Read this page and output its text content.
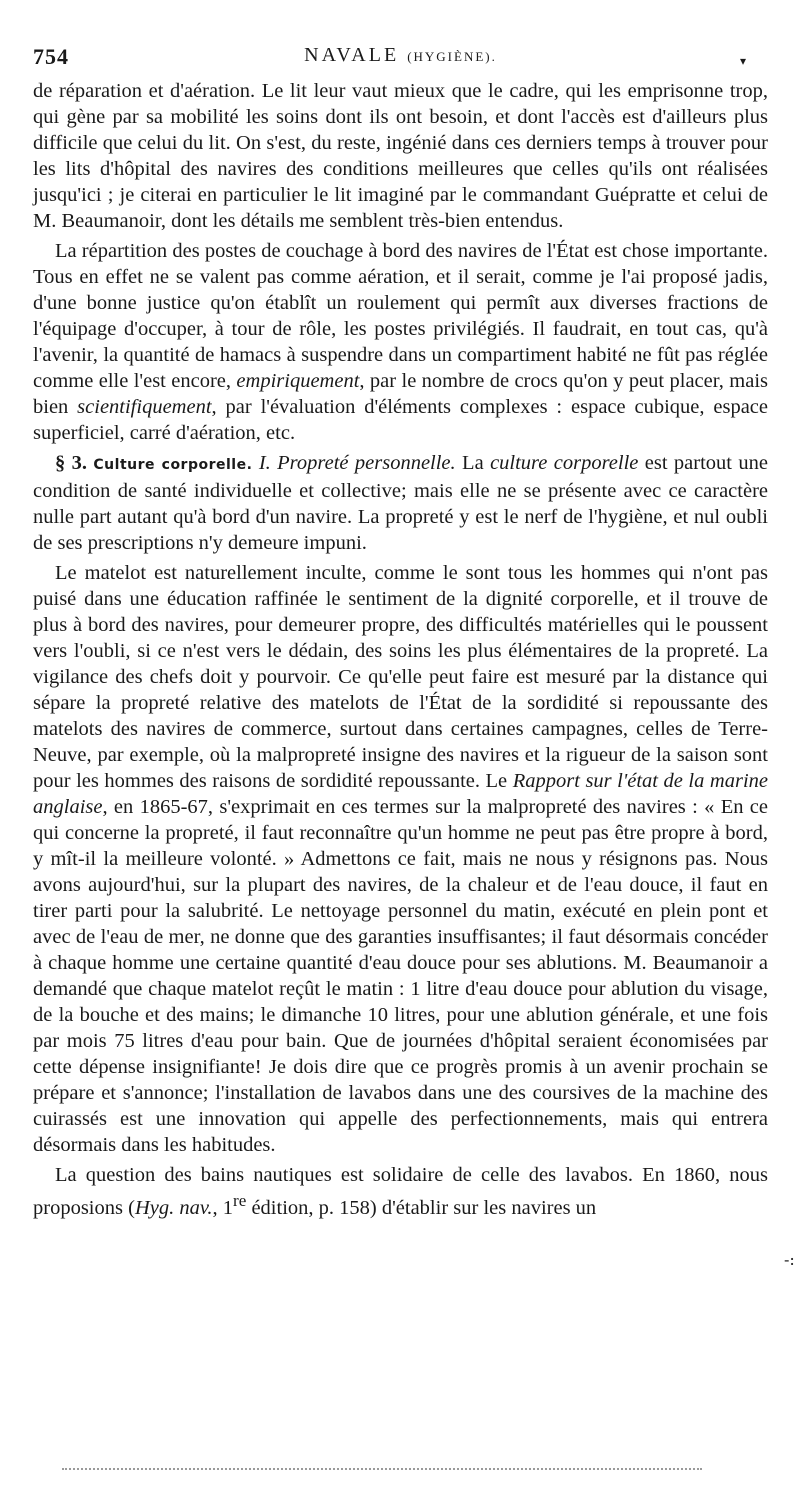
754	NAVALE (HYGIÈNE).	▾

de réparation et d'aération. Le lit leur vaut mieux que le cadre, qui les emprisonne trop, qui gène par sa mobilité les soins dont ils ont besoin, et dont l'accès est d'ailleurs plus difficile que celui du lit. On s'est, du reste, ingénié dans ces derniers temps à trouver pour les lits d'hôpital des navires des conditions meilleures que celles qu'ils ont réalisées jusqu'ici ; je citerai en particulier le lit imaginé par le commandant Guépratte et celui de M. Beaumanoir, dont les détails me semblent très-bien entendus.

La répartition des postes de couchage à bord des navires de l'État est chose importante. Tous en effet ne se valent pas comme aération, et il serait, comme je l'ai proposé jadis, d'une bonne justice qu'on établît un roulement qui permît aux diverses fractions de l'équipage d'occuper, à tour de rôle, les postes privilégiés. Il faudrait, en tout cas, qu'à l'avenir, la quantité de hamacs à suspendre dans un compartiment habité ne fût pas réglée comme elle l'est encore, empiriquement, par le nombre de crocs qu'on y peut placer, mais bien scientifiquement, par l'évaluation d'éléments complexes : espace cubique, espace superficiel, carré d'aération, etc.

§ 3. Culture corporelle. I. Propreté personnelle. La culture corporelle est partout une condition de santé individuelle et collective; mais elle ne se présente avec ce caractère nulle part autant qu'à bord d'un navire. La propreté y est le nerf de l'hygiène, et nul oubli de ses prescriptions n'y demeure impuni.

Le matelot est naturellement inculte, comme le sont tous les hommes qui n'ont pas puisé dans une éducation raffinée le sentiment de la dignité corporelle, et il trouve de plus à bord des navires, pour demeurer propre, des difficultés matérielles qui le poussent vers l'oubli, si ce n'est vers le dédain, des soins les plus élémentaires de la propreté. La vigilance des chefs doit y pourvoir. Ce qu'elle peut faire est mesuré par la distance qui sépare la propreté relative des matelots de l'État de la sordidité si repoussante des matelots des navires de commerce, surtout dans certaines campagnes, celles de Terre-Neuve, par exemple, où la malpropreté insigne des navires et la rigueur de la saison sont pour les hommes des raisons de sordidité repoussante. Le Rapport sur l'état de la marine anglaise, en 1865-67, s'exprimait en ces termes sur la malpropreté des navires : « En ce qui concerne la propreté, il faut reconnaître qu'un homme ne peut pas être propre à bord, y mît-il la meilleure volonté. » Admettons ce fait, mais ne nous y résignons pas. Nous avons aujourd'hui, sur la plupart des navires, de la chaleur et de l'eau douce, il faut en tirer parti pour la salubrité. Le nettoyage personnel du matin, exécuté en plein pont et avec de l'eau de mer, ne donne que des garanties insuffisantes; il faut désormais concéder à chaque homme une certaine quantité d'eau douce pour ses ablutions. M. Beaumanoir a demandé que chaque matelot reçût le matin : 1 litre d'eau douce pour ablution du visage, de la bouche et des mains; le dimanche 10 litres, pour une ablution générale, et une fois par mois 75 litres d'eau pour bain. Que de journées d'hôpital seraient économisées par cette dépense insignifiante! Je dois dire que ce progrès promis à un avenir prochain se prépare et s'annonce; l'installation de lavabos dans une des coursives de la machine des cuirassés est une innovation qui appelle des perfectionnements, mais qui entrera désormais dans les habitudes.

La question des bains nautiques est solidaire de celle des lavabos. En 1860, nous proposions (Hyg. nav., 1re édition, p. 158) d'établir sur les navires un

-:
